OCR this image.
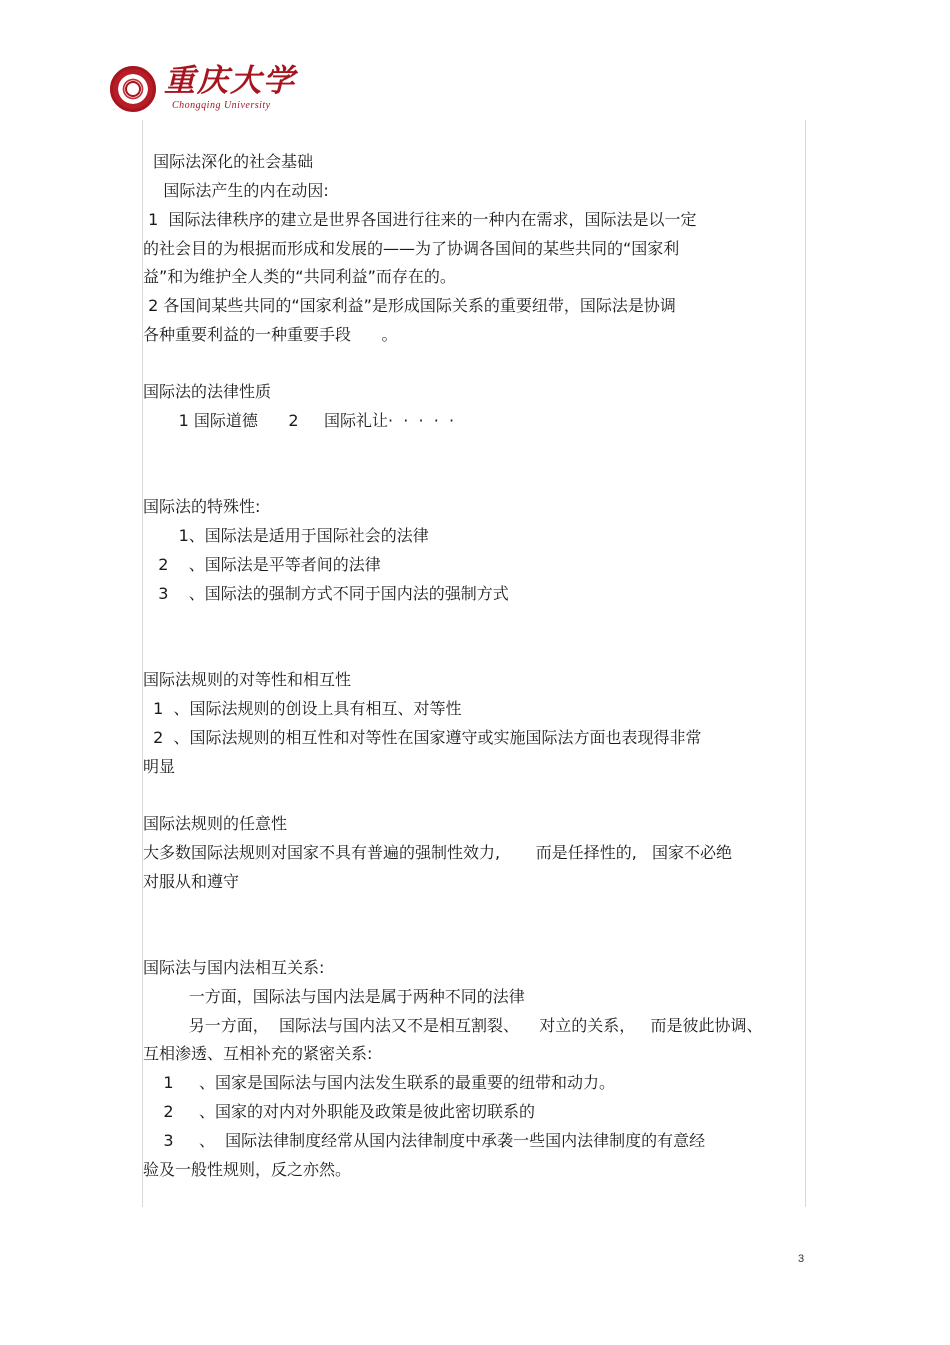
重庆大学
Chongqing University
国际法深化的社会基础
国际法产生的内在动因:
1  国际法律秩序的建立是世界各国进行往来的一种内在需求，国际法是以一定
的社会目的为根据而形成和发展的——为了协调各国间的某些共同的“国家利
益”和为维护全人类的“共同利益”而存在的。
2 各国间某些共同的“国家利益”是形成国际关系的重要纽带，国际法是协调
各种重要利益的一种重要手段      。
国际法的法律性质
1 国际道德      2     国际礼让·  ·  ·  ·  ·
国际法的特殊性:
1、国际法是适用于国际社会的法律
2    、国际法是平等者间的法律
3    、国际法的强制方式不同于国内法的强制方式
国际法规则的对等性和相互性
1  、国际法规则的创设上具有相互、对等性
2  、国际法规则的相互性和对等性在国家遵守或实施国际法方面也表现得非常
明显
国际法规则的任意性
大多数国际法规则对国家不具有普遍的强制性效力,       而是任择性的,   国家不必绝
对服从和遵守
国际法与国内法相互关系:
一方面，国际法与国内法是属于两种不同的法律
另一方面，  国际法与国内法又不是相互割裂、    对立的关系，   而是彼此协调、
互相渗透、互相补充的紧密关系:
1     、国家是国际法与国内法发生联系的最重要的纽带和动力。
2     、国家的对内对外职能及政策是彼此密切联系的
3     、  国际法律制度经常从国内法律制度中承袭一些国内法律制度的有意经
验及一般性规则，反之亦然。
3
